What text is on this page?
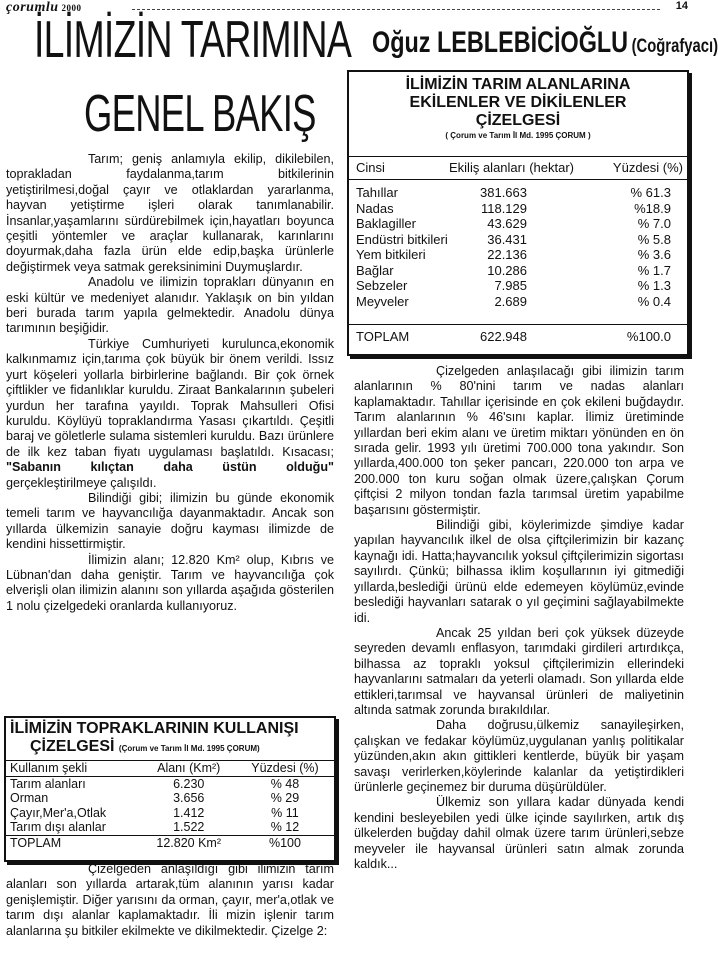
çorumlu 2000	14
İLİMİZİN TARIMINA
GENEL BAKIŞ
Oğuz LEBLEBİCİOĞLU (Coğrafyacı)
İLİMİZİN TARIM ALANLARINA
EKİLENLER VE DİKİLENLER
ÇİZELGESİ
( Çorum ve Tarım İl Md. 1995 ÇORUM )
Cinsi	Ekiliş alanları (hektar)	Yüzdesi (%)
Tahıllar	381.663	% 61.3
Nadas	118.129	%18.9
Baklagiller	43.629	% 7.0
Endüstri bitkileri	36.431	% 5.8
Yem bitkileri	22.136	% 3.6
Bağlar	10.286	% 1.7
Sebzeler	7.985	% 1.3
Meyveler	2.689	% 0.4
TOPLAM	622.948	%100.0

Tarım; geniş anlamıyla ekilip, dikilebilen, toprakladan faydalanma,tarım bitkilerinin yetiştirilmesi,doğal çayır ve otlaklardan yararlanma, hayvan yetiştirme işleri olarak tanımlanabilir. İnsanlar,yaşamlarını sürdürebilmek için,hayatları boyunca çeşitli yöntemler ve araçlar kullanarak, karınlarını doyurmak,daha fazla ürün elde edip,başka ürünlerle değiştirmek veya satmak gereksinimini Duymuşlardır.

Anadolu ve ilimizin toprakları dünyanın en eski kültür ve medeniyet alanıdır. Yaklaşık on bin yıldan beri burada tarım yapıla gelmektedir. Anadolu dünya tarımının beşiğidir.

Türkiye Cumhuriyeti kurulunca,ekonomik kalkınmamız için,tarıma çok büyük bir önem verildi. Issız yurt köşeleri yollarla birbirlerine bağlandı. Bir çok örnek çiftlikler ve fidanlıklar kuruldu. Ziraat Bankalarının şubeleri yurdun her tarafına yayıldı. Toprak Mahsulleri Ofisi kuruldu. Köylüyü topraklandırma Yasası çıkartıldı. Çeşitli baraj ve göletlerle sulama sistemleri kuruldu. Bazı ürünlere de ilk kez taban fiyatı uygulaması başlatıldı. Kısacası; "Sabanın kılıçtan daha üstün olduğu" gerçekleştirilmeye çalışıldı.

Bilindiği gibi; ilimizin bu günde ekonomik temeli tarım ve hayvancılığa dayanmaktadır. Ancak son yıllarda ülkemizin sanayie doğru kayması ilimizde de kendini hissettirmiştir.

İlimizin alanı; 12.820 Km² olup, Kıbrıs ve Lübnan'dan daha geniştir. Tarım ve hayvancılığa çok elverişli olan ilimizin alanını son yıllarda aşağıda gösterilen 1 nolu çizelgedeki oranlarda kullanıyoruz.

İLİMİZİN TOPRAKLARININ KULLANIŞI
ÇİZELGESİ (Çorum ve Tarım İl Md. 1995 ÇORUM)
Kullanım şekli	Alanı (Km²)	Yüzdesi (%)
Tarım alanları	6.230	% 48
Orman	3.656	% 29
Çayır,Mer'a,Otlak	1.412	% 11
Tarım dışı alanlar	1.522	% 12
TOPLAM	12.820 Km²	%100

Çizelgeden anlaşıldığı gibi ilimizin tarım alanları son yıllarda artarak,tüm alanının yarısı kadar genişlemiştir. Diğer yarısını da orman, çayır, mer'a,otlak ve tarım dışı alanlar kaplamaktadır. İli mizin işlenir tarım alanlarına şu bitkiler ekilmekte ve dikilmektedir. Çizelge 2:

Çizelgeden anlaşılacağı gibi ilimizin tarım alanlarının % 80'nini tarım ve nadas alanları kaplamaktadır. Tahıllar içerisinde en çok ekileni buğdaydır. Tarım alanlarının % 46'sını kaplar. İlimiz üretiminde yıllardan beri ekim alanı ve üretim miktarı yönünden en ön sırada gelir. 1993 yılı üretimi 700.000 tona yakındır. Son yıllarda,400.000 ton şeker pancarı, 220.000 ton arpa ve 200.000 ton kuru soğan olmak üzere,çalışkan Çorum çiftçisi 2 milyon tondan fazla tarımsal üretim yapabilme başarısını göstermiştir.

Bilindiği gibi, köylerimizde şimdiye kadar yapılan hayvancılık ilkel de olsa çiftçilerimizin bir kazanç kaynağı idi. Hatta;hayvancılık yoksul çiftçilerimizin sigortası sayılırdı. Çünkü; bilhassa iklim koşullarının iyi gitmediği yıllarda,beslediği ürünü elde edemeyen köylümüz,evinde beslediği hayvanları satarak o yıl geçimini sağlayabilmekte idi.

Ancak 25 yıldan beri çok yüksek düzeyde seyreden devamlı enflasyon, tarımdaki girdileri artırdıkça, bilhassa az topraklı yoksul çiftçilerimizin ellerindeki hayvanlarını satmaları da yeterli olamadı. Son yıllarda elde ettikleri,tarımsal ve hayvansal ürünleri de maliyetinin altında satmak zorunda bırakıldılar.

Daha doğrusu,ülkemiz sanayileşirken, çalışkan ve fedakar köylümüz,uygulanan yanlış politikalar yüzünden,akın akın gittikleri kentlerde, büyük bir yaşam savaşı verirlerken,köylerinde kalanlar da yetiştirdikleri ürünlerle geçinemez bir duruma düşürüldüler.

Ülkemiz son yıllara kadar dünyada kendi kendini besleyebilen yedi ülke içinde sayılırken, artık dış ülkelerden buğday dahil olmak üzere tarım ürünleri,sebze meyveler ile hayvansal ürünleri satın almak zorunda kaldık...
